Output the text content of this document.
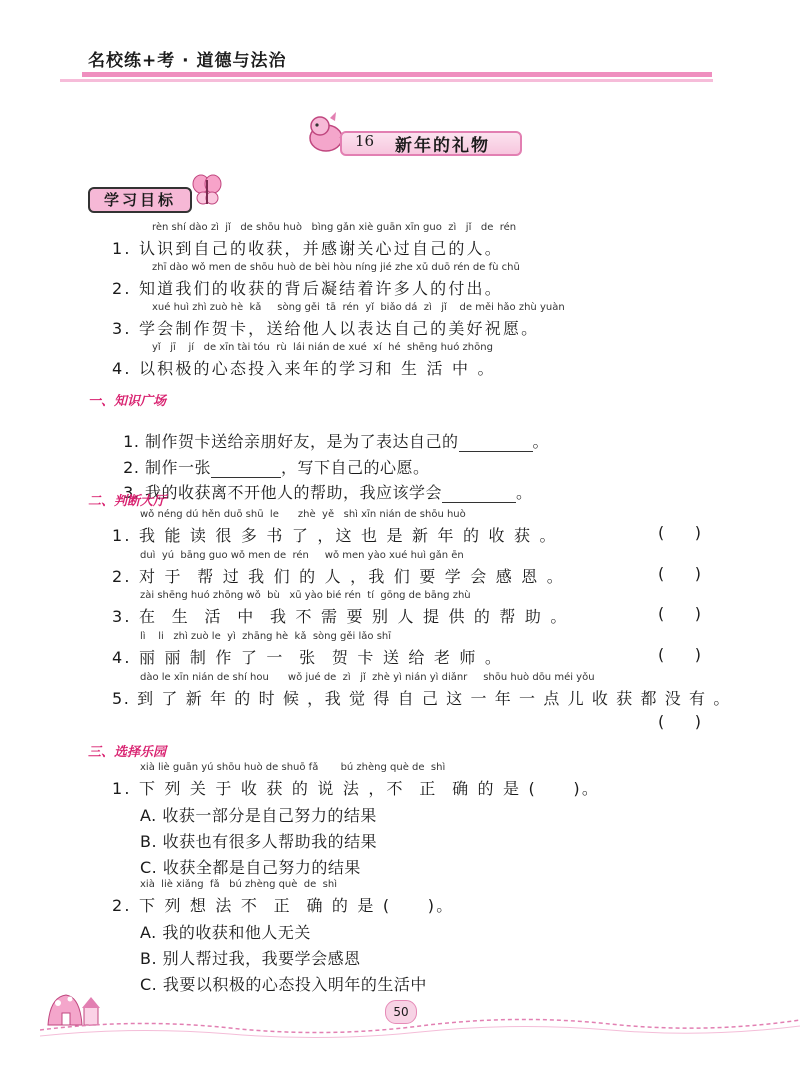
名校练+考 · 道德与法治
16 新年的礼物
学习目标
rèn shí dào zì  jǐ   de shōu huò   bìng gǎn xiè guān xīn guo  zì   jǐ   de  rén
1. 认识到自己的收获，并感谢关心过自己的人。
zhī dào wǒ men de shōu huò de bèi hòu níng jié zhe xǔ duō rén de fù chū
2. 知道我们的收获的背后凝结着许多人的付出。
xué huì zhì zuò hè  kǎ     sòng gěi  tā  rén  yǐ  biǎo dá  zì   jǐ    de měi hǎo zhù yuàn
3. 学会制作贺卡，送给他人以表达自己的美好祝愿。
yǐ   jī    jí   de xīn tài tóu  rù  lái nián de xué  xí  hé  shēng huó zhōng
4. 以积极的心态投入来年的学习和 生 活 中 。
一、知识广场

1. 制作贺卡送给亲朋好友，是为了表达自己的	。

2. 制作一张	，写下自己的心愿。

3. 我的收获离不开他人的帮助，我应该学会	。

二、判断大厅
wǒ néng dú hěn duō shū  le      zhè  yě   shì xīn nián de shōu huò
1. 我 能 读 很 多 书 了 ，这 也 是 新 年 的 收 获 。	(      )
duì  yú  bāng guo wǒ men de  rén     wǒ men yào xué huì gǎn ēn
2. 对 于  帮 过 我 们 的 人 ，我 们 要 学 会 感 恩 。	(      )
zài shēng huó zhōng wǒ  bù   xū yào bié rén  tí  gōng de bāng zhù
3. 在  生  活  中  我 不 需 要 别 人 提 供 的 帮 助 。	(      )
lì    li   zhì zuò le  yì  zhāng hè  kǎ  sòng gěi lǎo shī
4. 丽 丽 制 作 了 一  张  贺 卡 送 给 老 师 。	(      )
dào le xīn nián de shí hou      wǒ jué de  zì   jǐ  zhè yì nián yì diǎnr     shōu huò dōu méi yǒu
5. 到 了 新 年 的 时 候 ，我 觉 得 自 己 这 一 年 一 点 儿 收 获 都 没 有 。
(      )
三、选择乐园
xià liè guān yú shōu huò de shuō fǎ       bú zhèng què de  shì
1. 下 列 关 于 收 获 的 说 法 ，不  正  确 的 是 (     )。
A. 收获一部分是自己努力的结果
B. 收获也有很多人帮助我的结果
C. 收获全都是自己努力的结果
xià  liè xiǎng  fǎ   bú zhèng què  de  shì
2. 下 列 想 法 不  正  确 的 是 (     )。
A. 我的收获和他人无关
B. 别人帮过我，我要学会感恩
C. 我要以积极的心态投入明年的生活中
50
